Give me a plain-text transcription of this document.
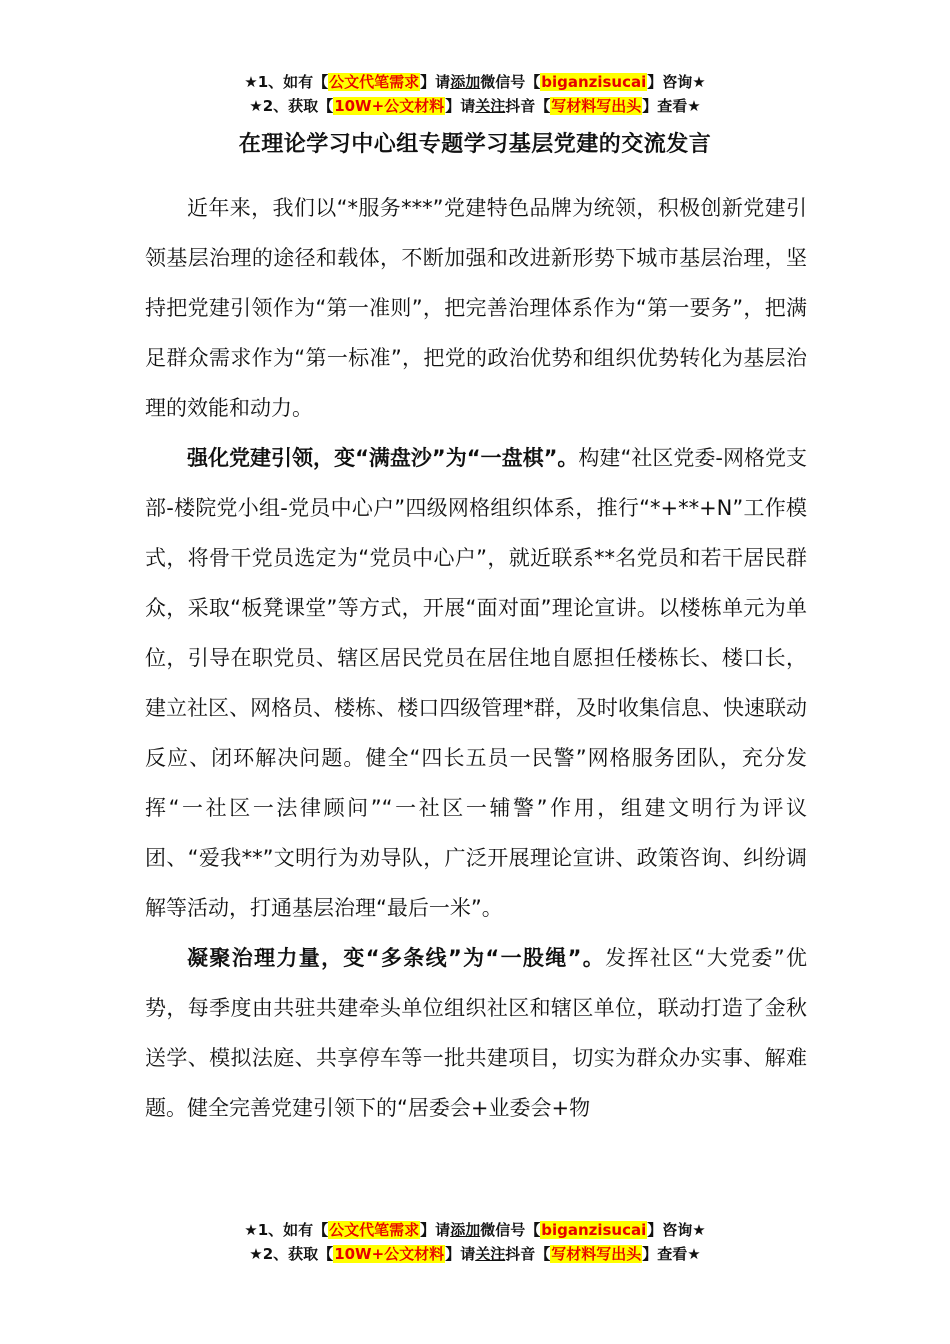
★1、如有【公文代笔需求】请添加微信号【biganzisucai】咨询★
★2、获取【10W+公文材料】请关注抖音【写材料写出头】查看★
在理论学习中心组专题学习基层党建的交流发言

近年来，我们以“*服务***”党建特色品牌为统领，积极创新党建引领基层治理的途径和载体，不断加强和改进新形势下城市基层治理，坚持把党建引领作为“第一准则”，把完善治理体系作为“第一要务”，把满足群众需求作为“第一标准”，把党的政治优势和组织优势转化为基层治理的效能和动力。

强化党建引领，变“满盘沙”为“一盘棋”。构建“社区党委-网格党支部-楼院党小组-党员中心户”四级网格组织体系，推行“*+**+N”工作模式，将骨干党员选定为“党员中心户”，就近联系**名党员和若干居民群众，采取“板凳课堂”等方式，开展“面对面”理论宣讲。以楼栋单元为单位，引导在职党员、辖区居民党员在居住地自愿担任楼栋长、楼口长，建立社区、网格员、楼栋、楼口四级管理*群，及时收集信息、快速联动反应、闭环解决问题。健全“四长五员一民警”网格服务团队，充分发挥“一社区一法律顾问”“一社区一辅警”作用，组建文明行为评议团、“爱我**”文明行为劝导队，广泛开展理论宣讲、政策咨询、纠纷调解等活动，打通基层治理“最后一米”。

凝聚治理力量，变“多条线”为“一股绳”。发挥社区“大党委”优势，每季度由共驻共建牵头单位组织社区和辖区单位，联动打造了金秋送学、模拟法庭、共享停车等一批共建项目，切实为群众办实事、解难题。健全完善党建引领下的“居委会+业委会+物

★1、如有【公文代笔需求】请添加微信号【biganzisucai】咨询★
★2、获取【10W+公文材料】请关注抖音【写材料写出头】查看★
